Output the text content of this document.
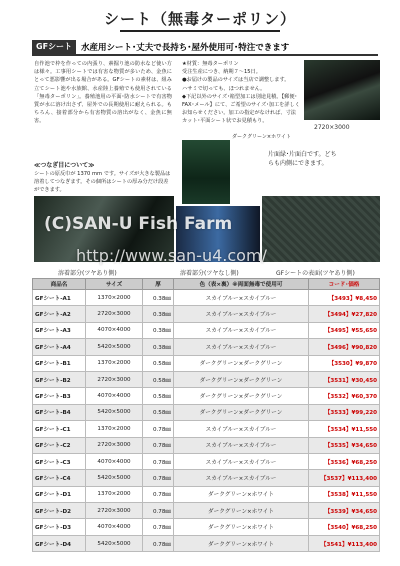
シート（無毒ターポリン）
GFシート	水産用シート･丈夫で長持ち･屋外使用可･特注できます
自作池で枠を作っての内張り、素掘り池の防水など使い方は様々。工事用シートでは有害な物質が多いため、金魚にとって悪影響が出る場合がある。GFシートの素材は、組み立てシート池や水族館、水産陸上養殖でも使用されている「無毒ターポリン」。養殖池用の平面･防水シートで有害物質が水に溶け出さず、屋外での長期使用に耐えられる。もちろん、接着部分から有害物質の溶出がなく、金魚に無害。
★材質：無毒ターポリン
受注生産につき、納期７〜15日。
●お届けの製品のサイズは当店で調整します。
ハサミで切っても、ほつれません。
◆下記以外のサイズ･箱型加工は別途見積。【郵便･FAX･メール】にて、ご希望のサイズ･加工を詳しくお知らせください。加工の指定がなければ、寸法カット･平面シート状でお見積もり。
2720×3000
≪つなぎ目について≫
シートの原反巾が 1370 mm です。サイズが大きな製品は溶着してつなぎます。その個所はシートの厚み分だけ段差ができます。
ダークグリーン×ホワイト
片面緑･片面白です。どちらも内側にできます。
(C)SAN-U Fish Farm
http://www.san-u4.com/
溶着部分(ツヤあり側)	溶着部分(ツヤなし側)	GFシートの表面(ツヤあり側)
商品名	サイズ	厚	色（表×裏）※両面無毒で使用可	コード･価格
GFシート-A1	1370×2000	0.38㎜	スカイブルー×スカイブルー	【3493】¥8,450
GFシート-A2	2720×3000	0.38㎜	スカイブルー×スカイブルー	【3494】¥27,820
GFシート-A3	4070×4000	0.38㎜	スカイブルー×スカイブルー	【3495】¥55,650
GFシート-A4	5420×5000	0.38㎜	スカイブルー×スカイブルー	【3496】¥90,820
GFシート-B1	1370×2000	0.58㎜	ダークグリーン×ダークグリーン	【3530】¥9,870
GFシート-B2	2720×3000	0.58㎜	ダークグリーン×ダークグリーン	【3531】¥30,450
GFシート-B3	4070×4000	0.58㎜	ダークグリーン×ダークグリーン	【3532】¥60,370
GFシート-B4	5420×5000	0.58㎜	ダークグリーン×ダークグリーン	【3533】¥99,220
GFシート-C1	1370×2000	0.78㎜	スカイブルー×スカイブルー	【3534】¥11,550
GFシート-C2	2720×3000	0.78㎜	スカイブルー×スカイブルー	【3535】¥34,650
GFシート-C3	4070×4000	0.78㎜	スカイブルー×スカイブルー	【3536】¥68,250
GFシート-C4	5420×5000	0.78㎜	スカイブルー×スカイブルー	【3537】¥113,400
GFシート-D1	1370×2000	0.78㎜	ダークグリーン×ホワイト	【3538】¥11,550
GFシート-D2	2720×3000	0.78㎜	ダークグリーン×ホワイト	【3539】¥34,650
GFシート-D3	4070×4000	0.78㎜	ダークグリーン×ホワイト	【3540】¥68,250
GFシート-D4	5420×5000	0.78㎜	ダークグリーン×ホワイト	【3541】¥113,400
